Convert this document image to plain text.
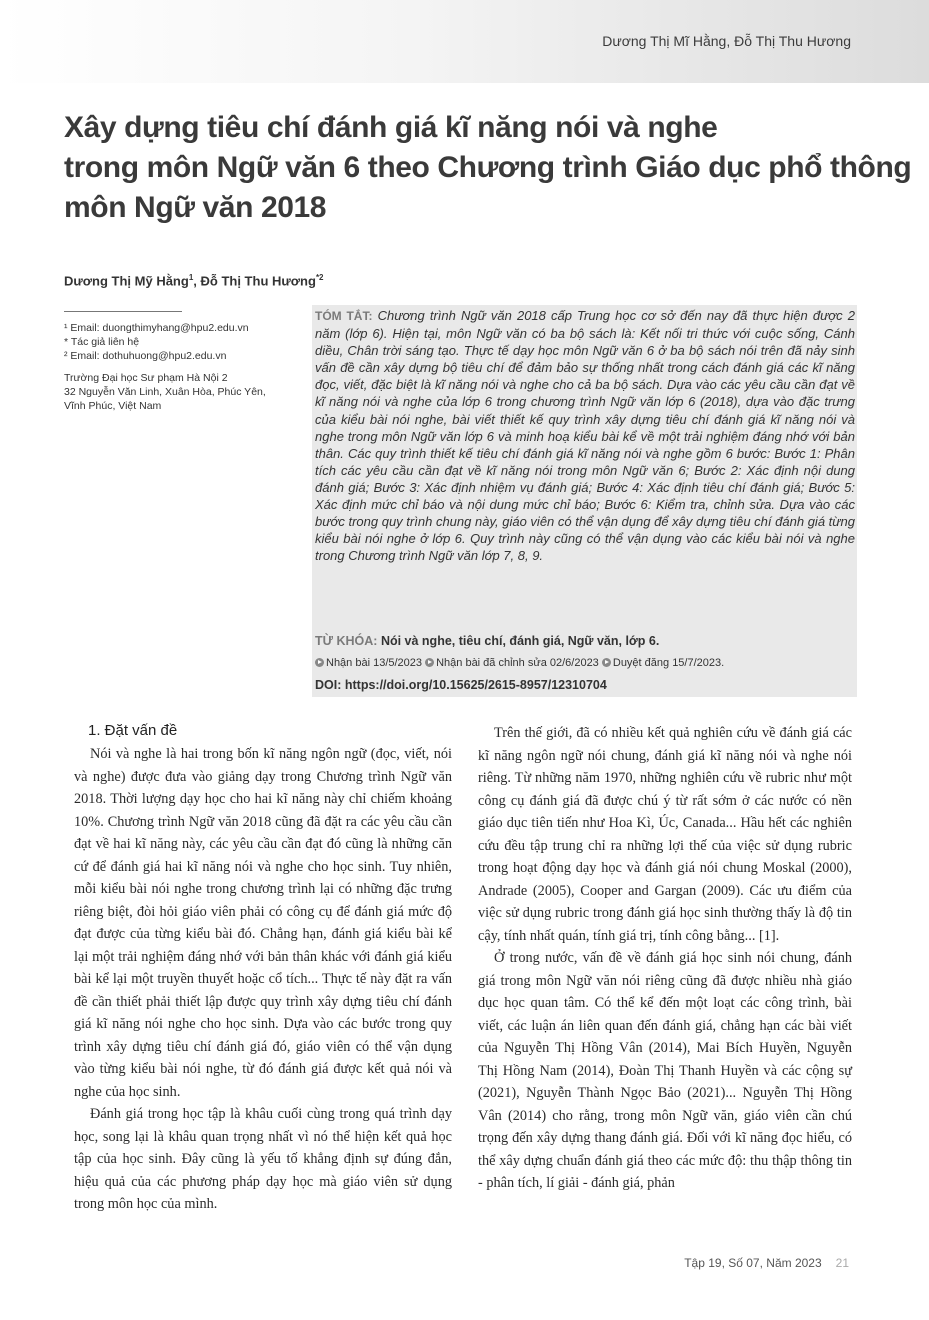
Dương Thị Mĩ Hằng, Đỗ Thị Thu Hương
Xây dựng tiêu chí đánh giá kĩ năng nói và nghe
trong môn Ngữ văn 6 theo Chương trình Giáo dục phổ thông
môn Ngữ văn 2018
Dương Thị Mỹ Hằng$^1$, Đỗ Thị Thu Hương$^{*2}$
¹ Email: duongthimyhang@hpu2.edu.vn
* Tác giả liên hệ
² Email: dothuhuong@hpu2.edu.vn
Trường Đại học Sư phạm Hà Nội 2
32 Nguyễn Văn Linh, Xuân Hòa, Phúc Yên,
Vĩnh Phúc, Việt Nam
TÓM TẮT: Chương trình Ngữ văn 2018 cấp Trung học cơ sở đến nay đã thực hiện được 2 năm (lớp 6). Hiện tại, môn Ngữ văn có ba bộ sách là: Kết nối tri thức với cuộc sống, Cánh diều, Chân trời sáng tạo. Thực tế dạy học môn Ngữ văn 6 ở ba bộ sách nói trên đã nảy sinh vấn đề cần xây dựng bộ tiêu chí để đảm bảo sự thống nhất trong cách đánh giá các kĩ năng đọc, viết, đặc biệt là kĩ năng nói và nghe cho cả ba bộ sách. Dựa vào các yêu cầu cần đạt về kĩ năng nói và nghe của lớp 6 trong chương trình Ngữ văn lớp 6 (2018), dựa vào đặc trưng của kiểu bài nói nghe, bài viết thiết kế quy trình xây dựng tiêu chí đánh giá kĩ năng nói và nghe trong môn Ngữ văn lớp 6 và minh hoạ kiểu bài kể về một trải nghiệm đáng nhớ với bản thân. Các quy trình thiết kế tiêu chí đánh giá kĩ năng nói và nghe gồm 6 bước: Bước 1: Phân tích các yêu cầu cần đạt về kĩ năng nói trong môn Ngữ văn 6; Bước 2: Xác định nội dung đánh giá; Bước 3: Xác định nhiệm vụ đánh giá; Bước 4: Xác định tiêu chí đánh giá; Bước 5: Xác định mức chỉ báo và nội dung mức chỉ báo; Bước 6: Kiểm tra, chỉnh sửa. Dựa vào các bước trong quy trình chung này, giáo viên có thể vận dụng để xây dựng tiêu chí đánh giá từng kiểu bài nói nghe ở lớp 6. Quy trình này cũng có thể vận dụng vào các kiểu bài nói và nghe trong Chương trình Ngữ văn lớp 7, 8, 9.
TỪ KHÓA: Nói và nghe, tiêu chí, đánh giá, Ngữ văn, lớp 6.
Nhận bài 13/5/2023 Nhận bài đã chỉnh sửa 02/6/2023 Duyệt đăng 15/7/2023.
DOI: https://doi.org/10.15625/2615-8957/12310704
1. Đặt vấn đề

Nói và nghe là hai trong bốn kĩ năng ngôn ngữ (đọc, viết, nói và nghe) được đưa vào giảng dạy trong Chương trình Ngữ văn 2018. Thời lượng dạy học cho hai kĩ năng này chỉ chiếm khoảng 10%. Chương trình Ngữ văn 2018 cũng đã đặt ra các yêu cầu cần đạt về hai kĩ năng này, các yêu cầu cần đạt đó cũng là những căn cứ để đánh giá hai kĩ năng nói và nghe cho học sinh. Tuy nhiên, mỗi kiểu bài nói nghe trong chương trình lại có những đặc trưng riêng biệt, đòi hỏi giáo viên phải có công cụ để đánh giá mức độ đạt được của từng kiểu bài đó. Chẳng hạn, đánh giá kiểu bài kể lại một trải nghiệm đáng nhớ với bản thân khác với đánh giá kiểu bài kể lại một truyền thuyết hoặc cổ tích... Thực tế này đặt ra vấn đề cần thiết phải thiết lập được quy trình xây dựng tiêu chí đánh giá kĩ năng nói nghe cho học sinh. Dựa vào các bước trong quy trình xây dựng tiêu chí đánh giá đó, giáo viên có thể vận dụng vào từng kiểu bài nói nghe, từ đó đánh giá được kết quả nói và nghe của học sinh.

Đánh giá trong học tập là khâu cuối cùng trong quá trình dạy học, song lại là khâu quan trọng nhất vì nó thể hiện kết quả học tập của học sinh. Đây cũng là yếu tố khẳng định sự đúng đắn, hiệu quả của các phương pháp dạy học mà giáo viên sử dụng trong môn học của mình.

Trên thế giới, đã có nhiều kết quả nghiên cứu về đánh giá các kĩ năng ngôn ngữ nói chung, đánh giá kĩ năng nói và nghe nói riêng. Từ những năm 1970, những nghiên cứu về rubric như một công cụ đánh giá đã được chú ý từ rất sớm ở các nước có nền giáo dục tiên tiến như Hoa Kì, Úc, Canada... Hầu hết các nghiên cứu đều tập trung chỉ ra những lợi thế của việc sử dụng rubric trong hoạt động dạy học và đánh giá nói chung Moskal (2000), Andrade (2005), Cooper and Gargan (2009). Các ưu điểm của việc sử dụng rubric trong đánh giá học sinh thường thấy là độ tin cậy, tính nhất quán, tính giá trị, tính công bằng... [1].

Ở trong nước, vấn đề về đánh giá học sinh nói chung, đánh giá trong môn Ngữ văn nói riêng cũng đã được nhiều nhà giáo dục học quan tâm. Có thể kể đến một loạt các công trình, bài viết, các luận án liên quan đến đánh giá, chẳng hạn các bài viết của Nguyễn Thị Hồng Vân (2014), Mai Bích Huyền, Nguyễn Thị Hồng Nam (2014), Đoàn Thị Thanh Huyền và các cộng sự (2021), Nguyễn Thành Ngọc Bảo (2021)... Nguyễn Thị Hồng Vân (2014) cho rằng, trong môn Ngữ văn, giáo viên cần chú trọng đến xây dựng thang đánh giá. Đối với kĩ năng đọc hiểu, có thể xây dựng chuẩn đánh giá theo các mức độ: thu thập thông tin - phân tích, lí giải - đánh giá, phản

Tập 19, Số 07, Năm 2023 21
